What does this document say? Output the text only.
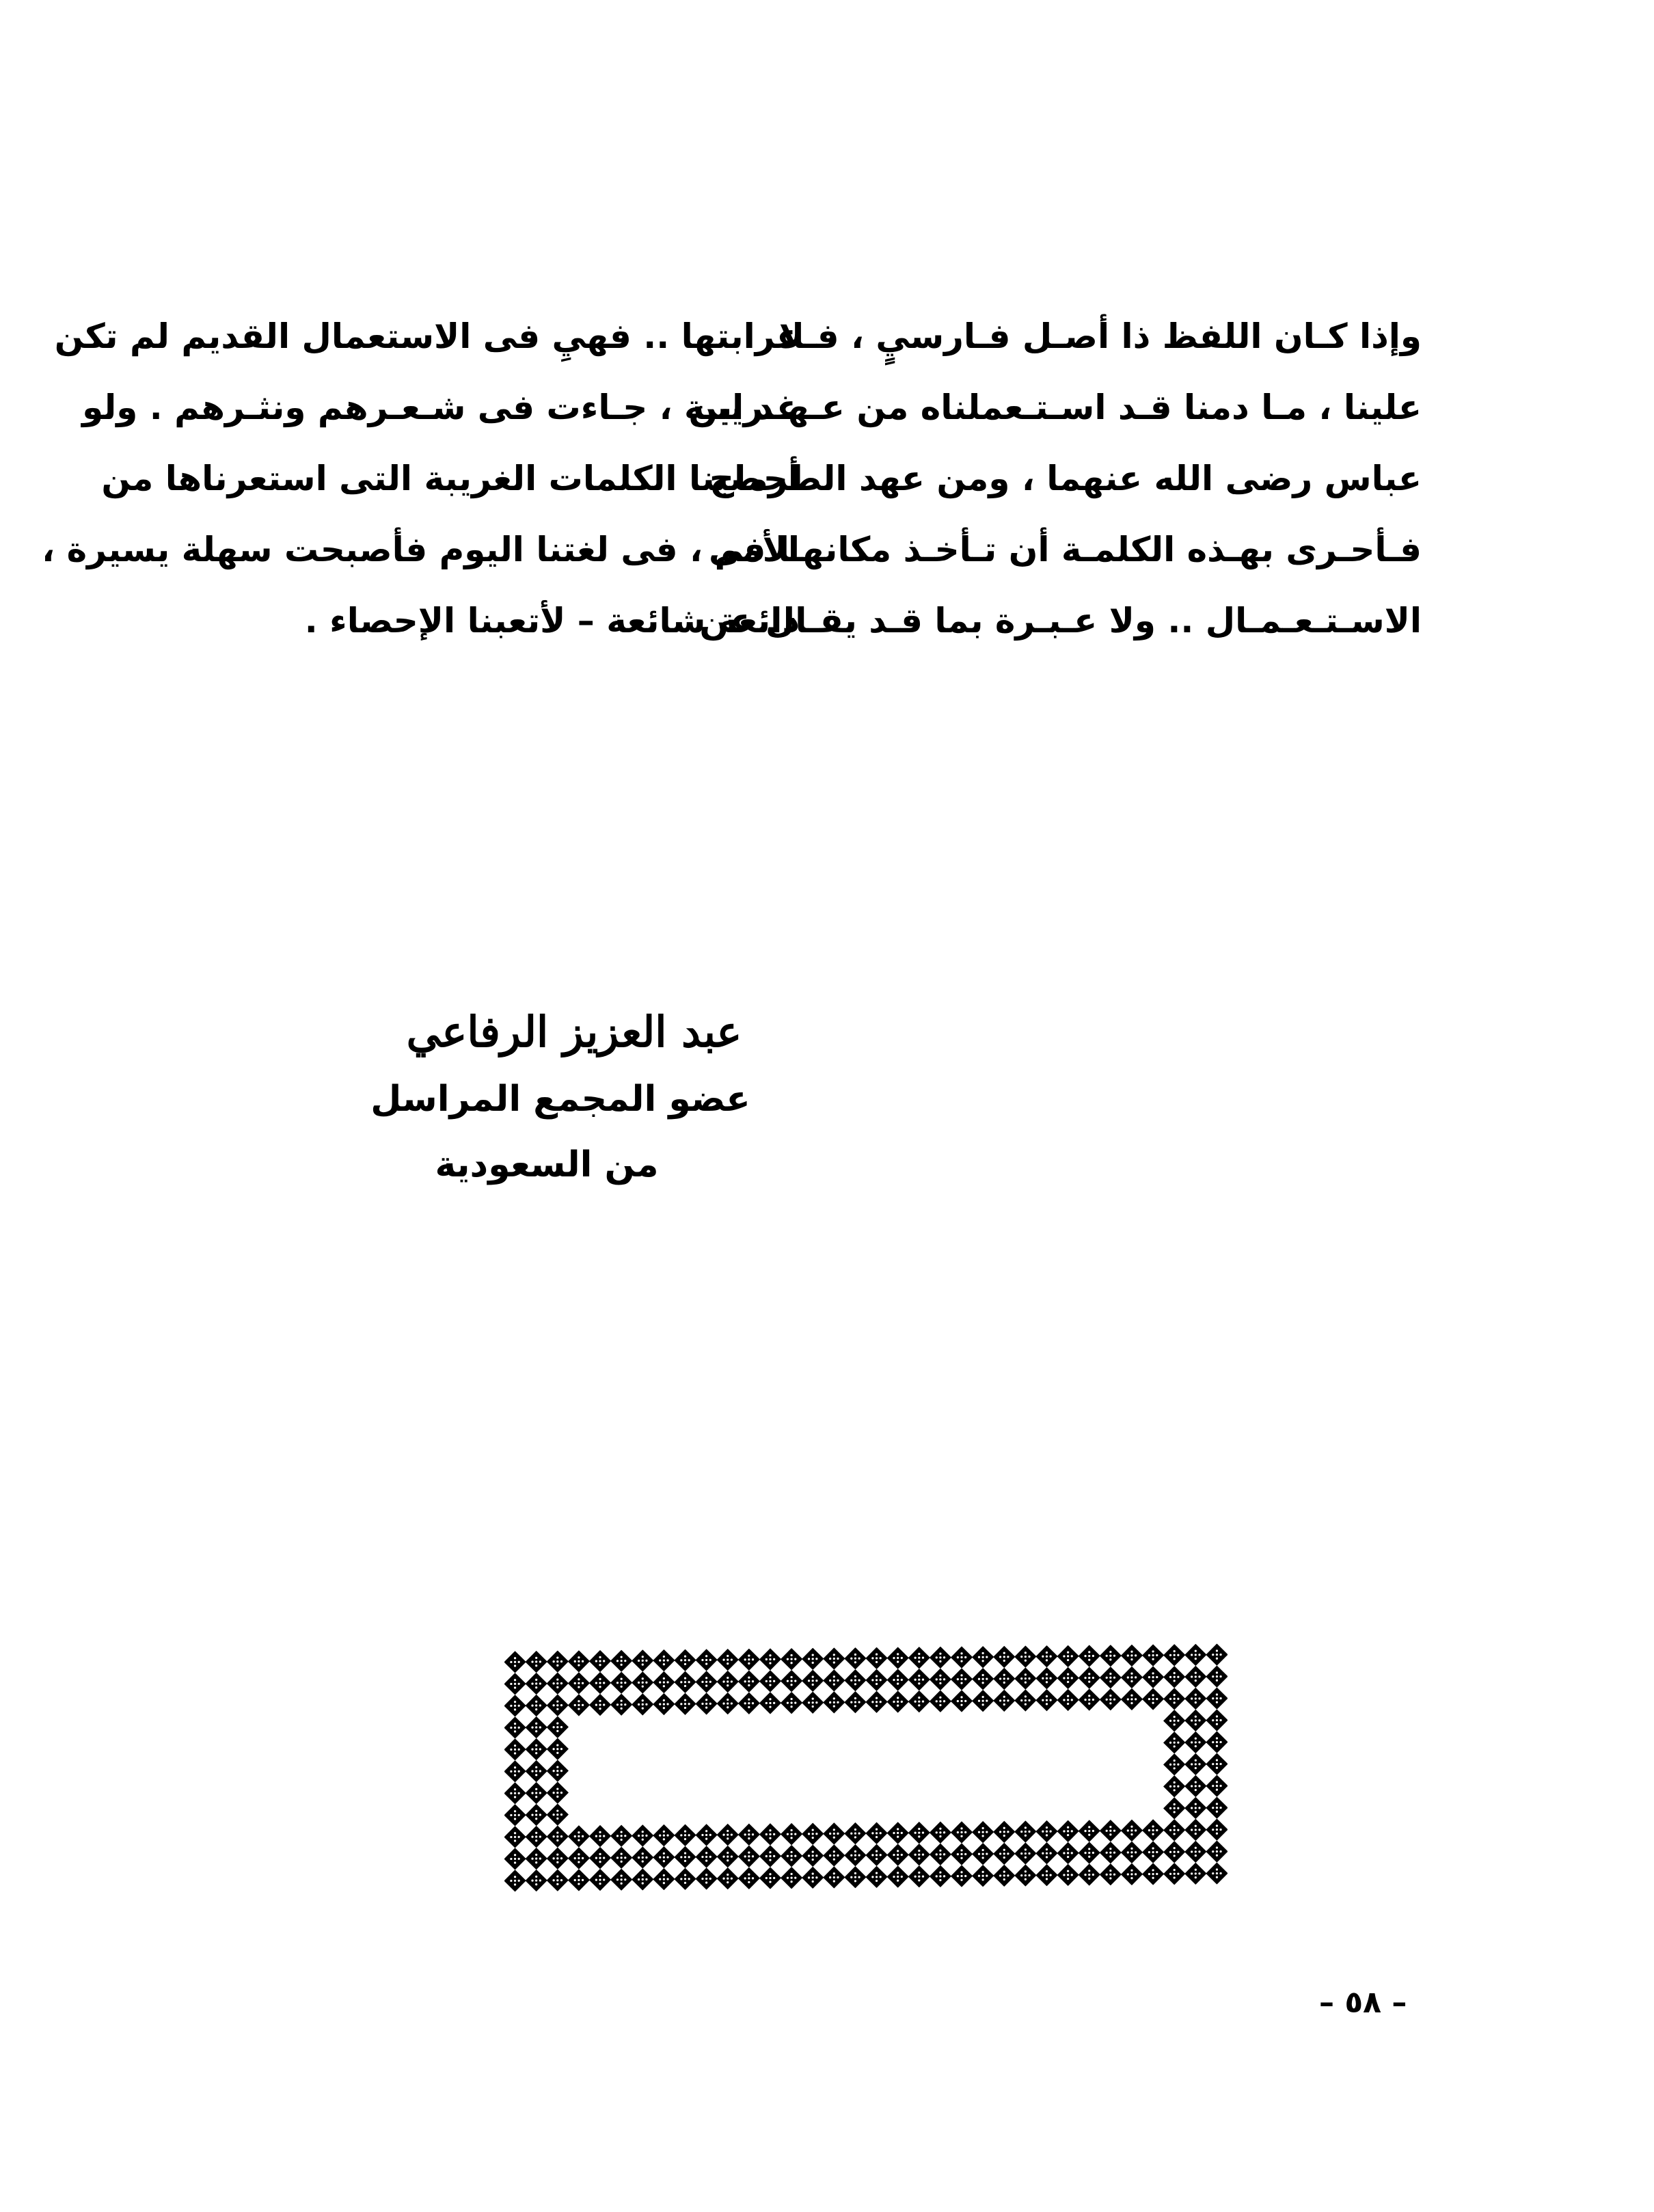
وإذا كـان اللفظ ذا أصـل فـارسيٍ ، فـلا
علينا ، مـا دمنا قـد اسـتـعملناه من عـهـد ابن
عباس رضى الله عنهما ، ومن عهد الطرماح
فـأحـرى بهـذه الكلمـة أن تـأخـذ مكانهـا فى
الاسـتـعـمـال .. ولا عـبـرة بما قـد يقـال عن
غرابتها .. فهيِ فى الاستعمال القديم لم تكن
غـريبـة ، جـاءت فى شـعـرهم ونثـرهم . ولو
أحصينا الكلمات الغريبة التى استعرناها من
الأمم ، فى لغتنا اليوم فأصبحت سهلة يسيرة ،
ذائعة شائعة – لأتعبنا الإحصاء .
عبد العزيز الرفاعي
عضو المجمع المراسل
من السعودية
– ٥٨ –
